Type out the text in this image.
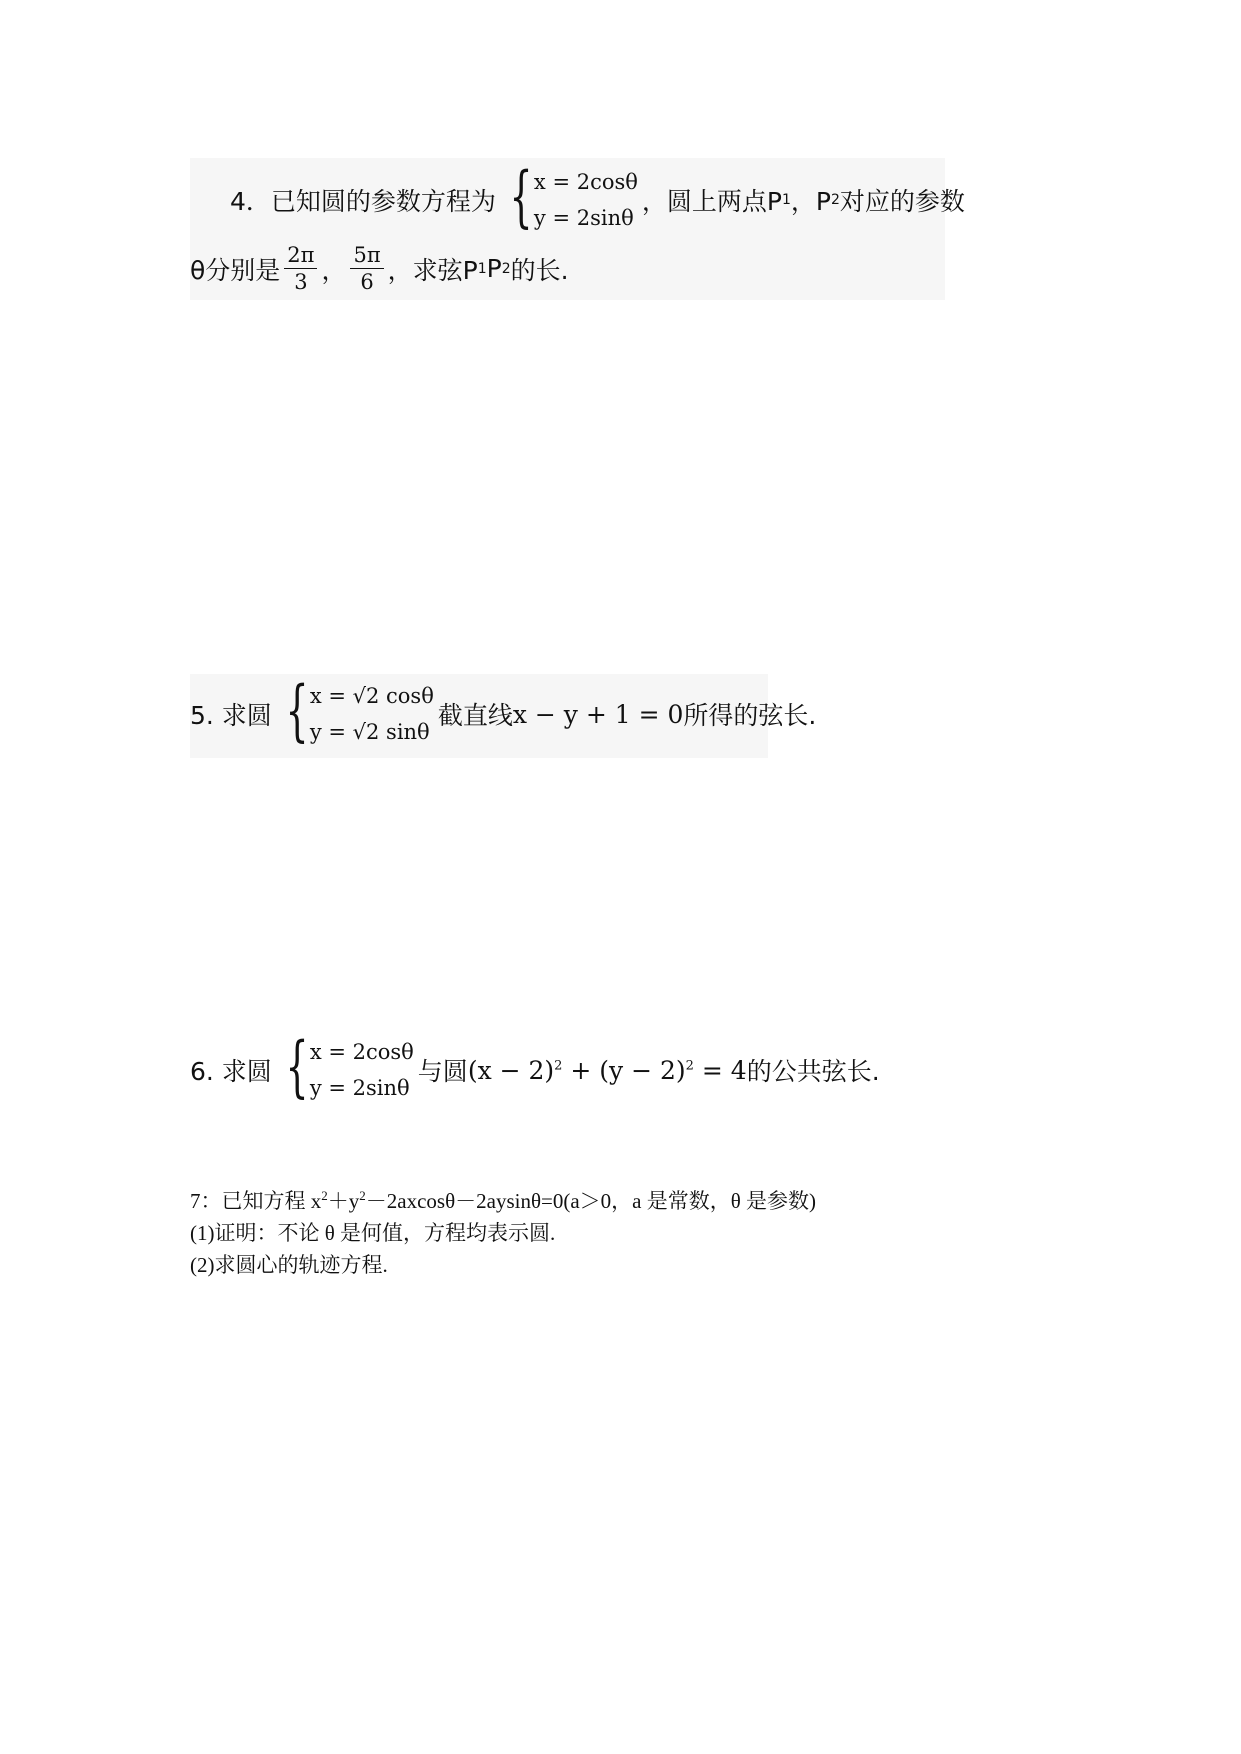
4．已知圆的参数方程为 { x = 2cosθ
y = 2sinθ
，圆上两点P 1 ，P 2 对应的参数
θ分别是 $\frac{2\pi}{3}$ ， $\frac{5\pi}{6}$ ，求弦P 1 P 2 的长.
5. 求圆 { x = √2 cosθ
y = √2 sinθ
截直线 x − y + 1 = 0 所得的弦长.
6. 求圆 { x = 2cosθ
y = 2sinθ
与圆 $(x - 2)^2 + (y - 2)^2 = 4$ 的公共弦长.
7：已知方程 $x^2+y^2-2axcos\theta-2aysin\theta=0(a>0$，a 是常数，θ 是参数)
(1)证明：不论 θ 是何值，方程均表示圆.
(2)求圆心的轨迹方程.
